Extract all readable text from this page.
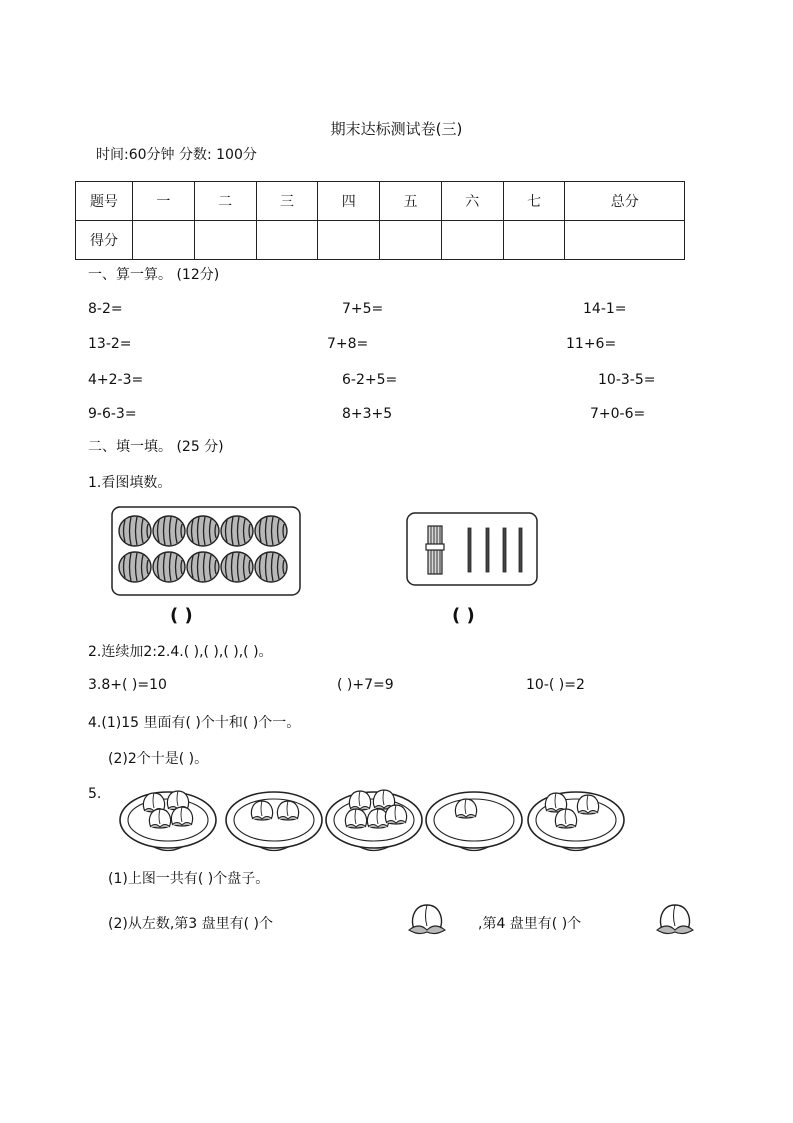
期末达标测试卷(三)
时间:60分钟 分数: 100分
题号	一	二	三	四	五	六	七	总分
得分								
一、算一算。 (12分)
8-2=	7+5=	14-1=
13-2=	7+8=	11+6=
4+2-3=	6-2+5=	10-3-5=
9-6-3=	8+3+5	7+0-6=
二、填一填。 (25 分)
1.看图填数。
( )	( )
2.连续加2:2.4.( ),( ),( ),( )。
3.8+( )=10	( )+7=9	10-( )=2
4.(1)15 里面有( )个十和( )个一。
(2)2个十是( )。
5.
(1)上图一共有( )个盘子。
(2)从左数,第3 盘里有( )个	,第4 盘里有( )个
